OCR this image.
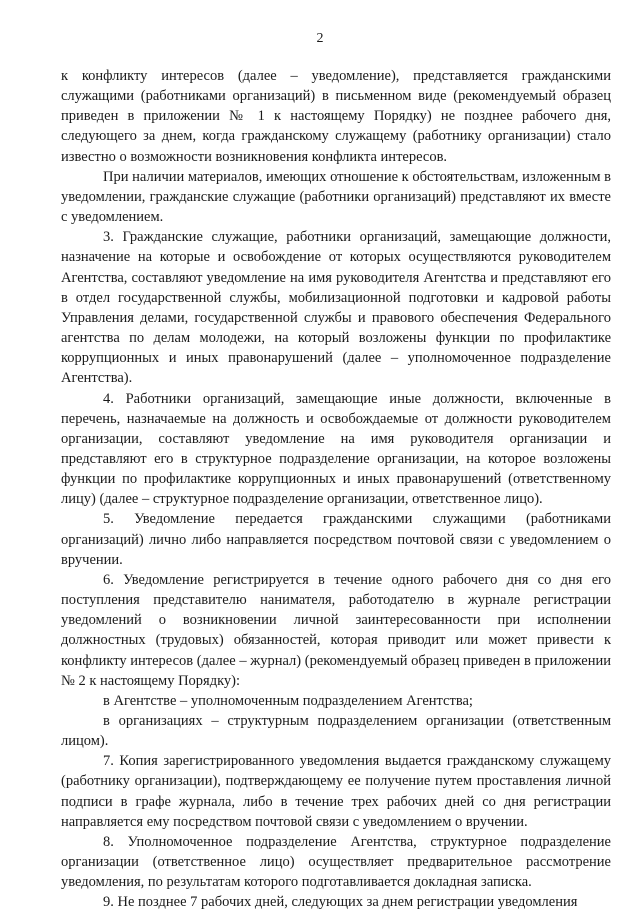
2

к конфликту интересов (далее – уведомление), представляется гражданскими служащими (работниками организаций) в письменном виде (рекомендуемый образец приведен в приложении № 1 к настоящему Порядку) не позднее рабочего дня, следующего за днем, когда гражданскому служащему (работнику организации) стало известно о возможности возникновения конфликта интересов.

При наличии материалов, имеющих отношение к обстоятельствам, изложенным в уведомлении, гражданские служащие (работники организаций) представляют их вместе с уведомлением.

3. Гражданские служащие, работники организаций, замещающие должности, назначение на которые и освобождение от которых осуществляются руководителем Агентства, составляют уведомление на имя руководителя Агентства и представляют его в отдел государственной службы, мобилизационной подготовки и кадровой работы Управления делами, государственной службы и правового обеспечения Федерального агентства по делам молодежи, на который возложены функции по профилактике коррупционных и иных правонарушений (далее – уполномоченное подразделение Агентства).

4. Работники организаций, замещающие иные должности, включенные в перечень, назначаемые на должность и освобождаемые от должности руководителем организации, составляют уведомление на имя руководителя организации и представляют его в структурное подразделение организации, на которое возложены функции по профилактике коррупционных и иных правонарушений (ответственному лицу) (далее – структурное подразделение организации, ответственное лицо).

5. Уведомление передается гражданскими служащими (работниками организаций) лично либо направляется посредством почтовой связи с уведомлением о вручении.

6. Уведомление регистрируется в течение одного рабочего дня со дня его поступления представителю нанимателя, работодателю в журнале регистрации уведомлений о возникновении личной заинтересованности при исполнении должностных (трудовых) обязанностей, которая приводит или может привести к конфликту интересов (далее – журнал) (рекомендуемый образец приведен в приложении № 2 к настоящему Порядку):

в Агентстве – уполномоченным подразделением Агентства;

в организациях – структурным подразделением организации (ответственным лицом).

7. Копия зарегистрированного уведомления выдается гражданскому служащему (работнику организации), подтверждающему ее получение путем проставления личной подписи в графе журнала, либо в течение трех рабочих дней со дня регистрации направляется ему посредством почтовой связи с уведомлением о вручении.

8. Уполномоченное подразделение Агентства, структурное подразделение организации (ответственное лицо) осуществляет предварительное рассмотрение уведомления, по результатам которого подготавливается докладная записка.

9. Не позднее 7 рабочих дней, следующих за днем регистрации уведомления
